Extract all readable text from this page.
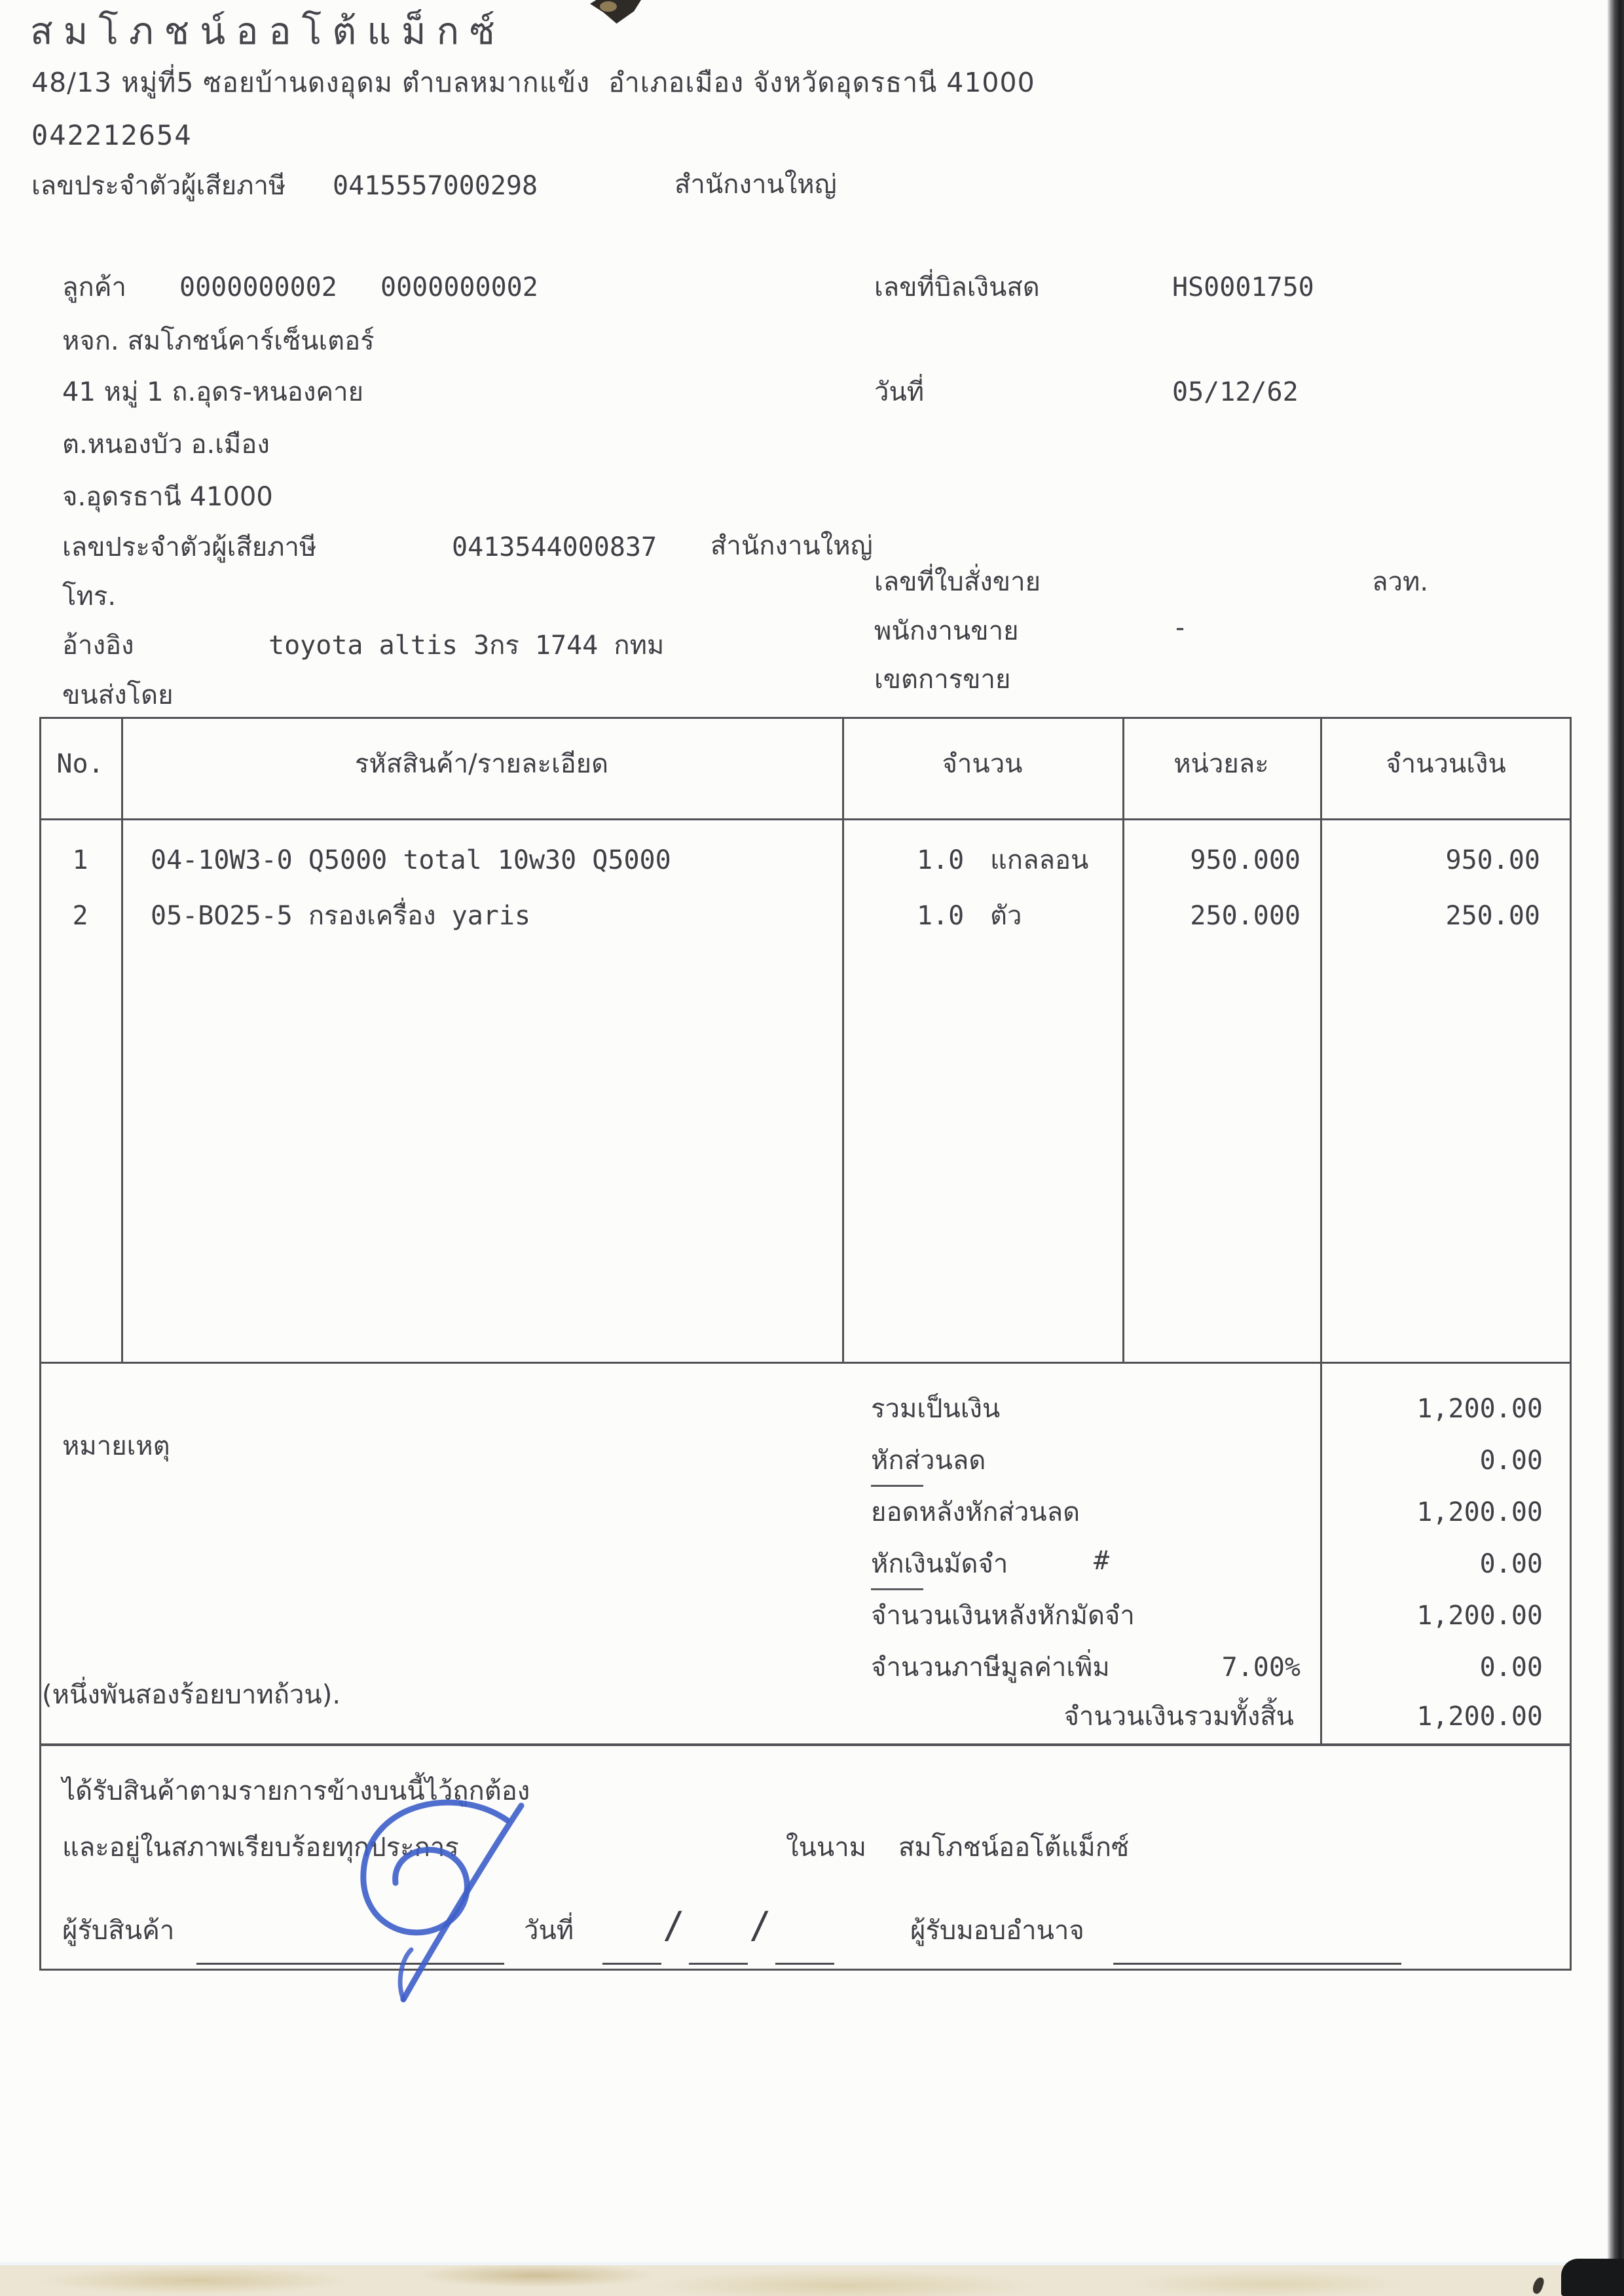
สมโภชน์ออโต้แม็กซ์
48/13 หมู่ที่5 ซอยบ้านดงอุดม ตำบลหมากแข้ง  อำเภอเมือง จังหวัดอุดรธานี 41000
042212654
เลขประจำตัวผู้เสียภาษี 0415557000298	สำนักงานใหญ่
ลูกค้า 0000000002 0000000002
หจก. สมโภชน์คาร์เซ็นเตอร์
41 หมู่ 1 ถ.อุดร-หนองคาย
ต.หนองบัว อ.เมือง
จ.อุดรธานี 41000
เลขประจำตัวผู้เสียภาษี	0413544000837 สำนักงานใหญ่
โทร.
อ้างอิง	toyota altis 3กร 1744 กทม
ขนส่งโดย
เลขที่บิลเงินสด	HS0001750
วันที่	05/12/62
เลขที่ใบสั่งขาย	ลวท.
พนักงานขาย	-
เขตการขาย
No.	รหัสสินค้า/รายละเอียด	จำนวน	หน่วยละ	จำนวนเงิน
1	04-10W3-0 Q5000 total 10w30 Q5000	1.0 แกลลอน	950.000	950.00
2	05-BO25-5 กรองเครื่อง yaris	1.0 ตัว	250.000	250.00
หมายเหตุ
รวมเป็นเงิน	1,200.00
หักส่วนลด	0.00
ยอดหลังหักส่วนลด	1,200.00
หักเงินมัดจำ	#	0.00
จำนวนเงินหลังหักมัดจำ	1,200.00
จำนวนภาษีมูลค่าเพิ่ม	7.00%	0.00
จำนวนเงินรวมทั้งสิ้น	1,200.00
(หนึ่งพันสองร้อยบาทถ้วน).
ได้รับสินค้าตามรายการข้างบนนี้ไว้ถูกต้อง
และอยู่ในสภาพเรียบร้อยทุกประการ	ในนาม สมโภชน์ออโต้แม็กซ์
ผู้รับสินค้า	วันที่ / /	ผู้รับมอบอำนาจ
